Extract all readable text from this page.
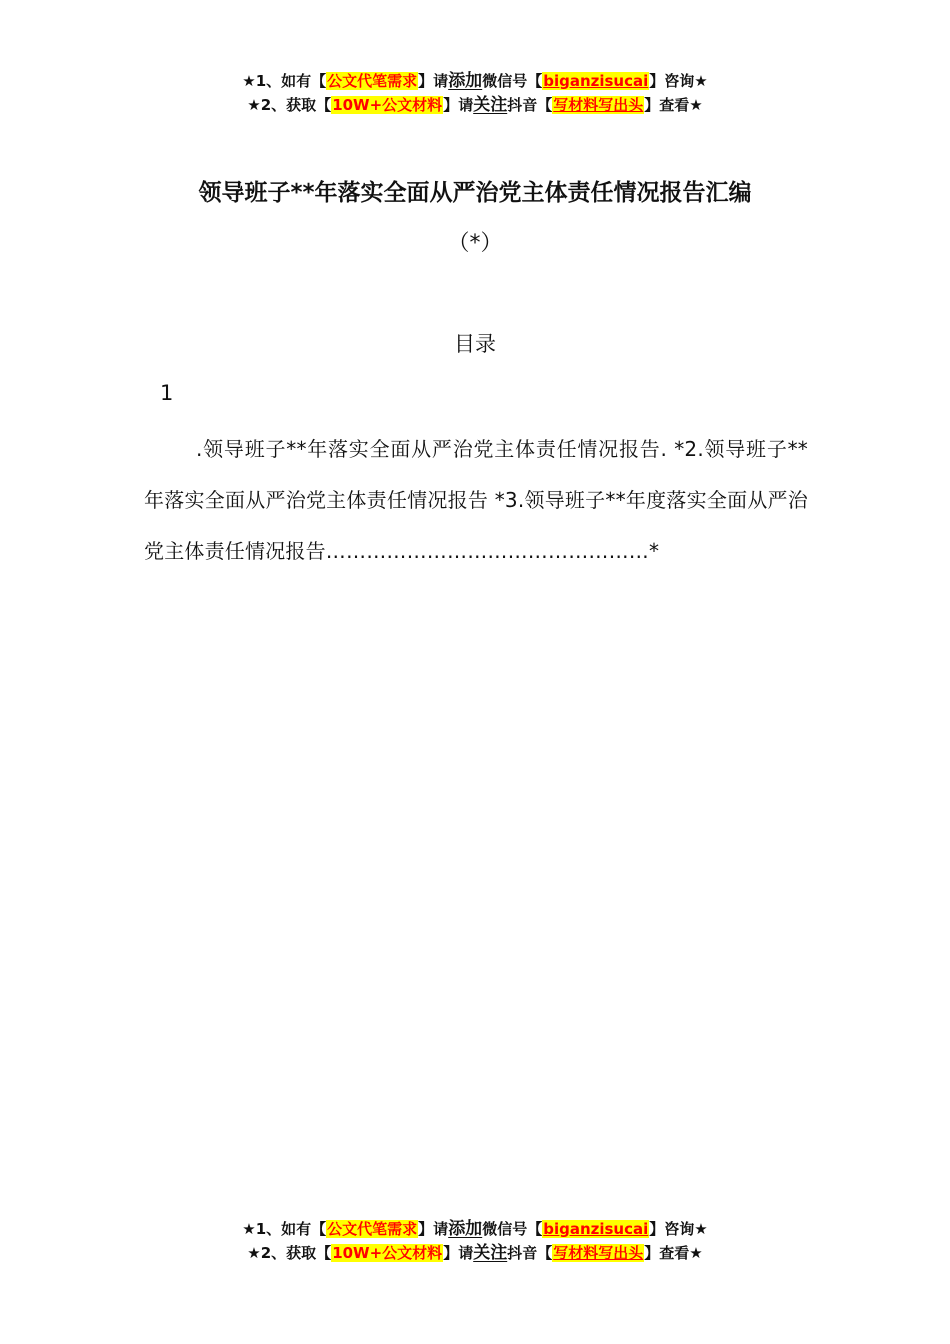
★1、如有【公文代笔需求】请添加微信号【biganzisucai】咨询★
★2、获取【10W+公文材料】请关注抖音【写材料写出头】查看★
领导班子**年落实全面从严治党主体责任情况报告汇编
（*）
目录
1
.领导班子**年落实全面从严治党主体责任情况报告. *2.领导班子**年落实全面从严治党主体责任情况报告 *3.领导班子**年度落实全面从严治党主体责任情况报告…………………………………………*
★1、如有【公文代笔需求】请添加微信号【biganzisucai】咨询★
★2、获取【10W+公文材料】请关注抖音【写材料写出头】查看★
